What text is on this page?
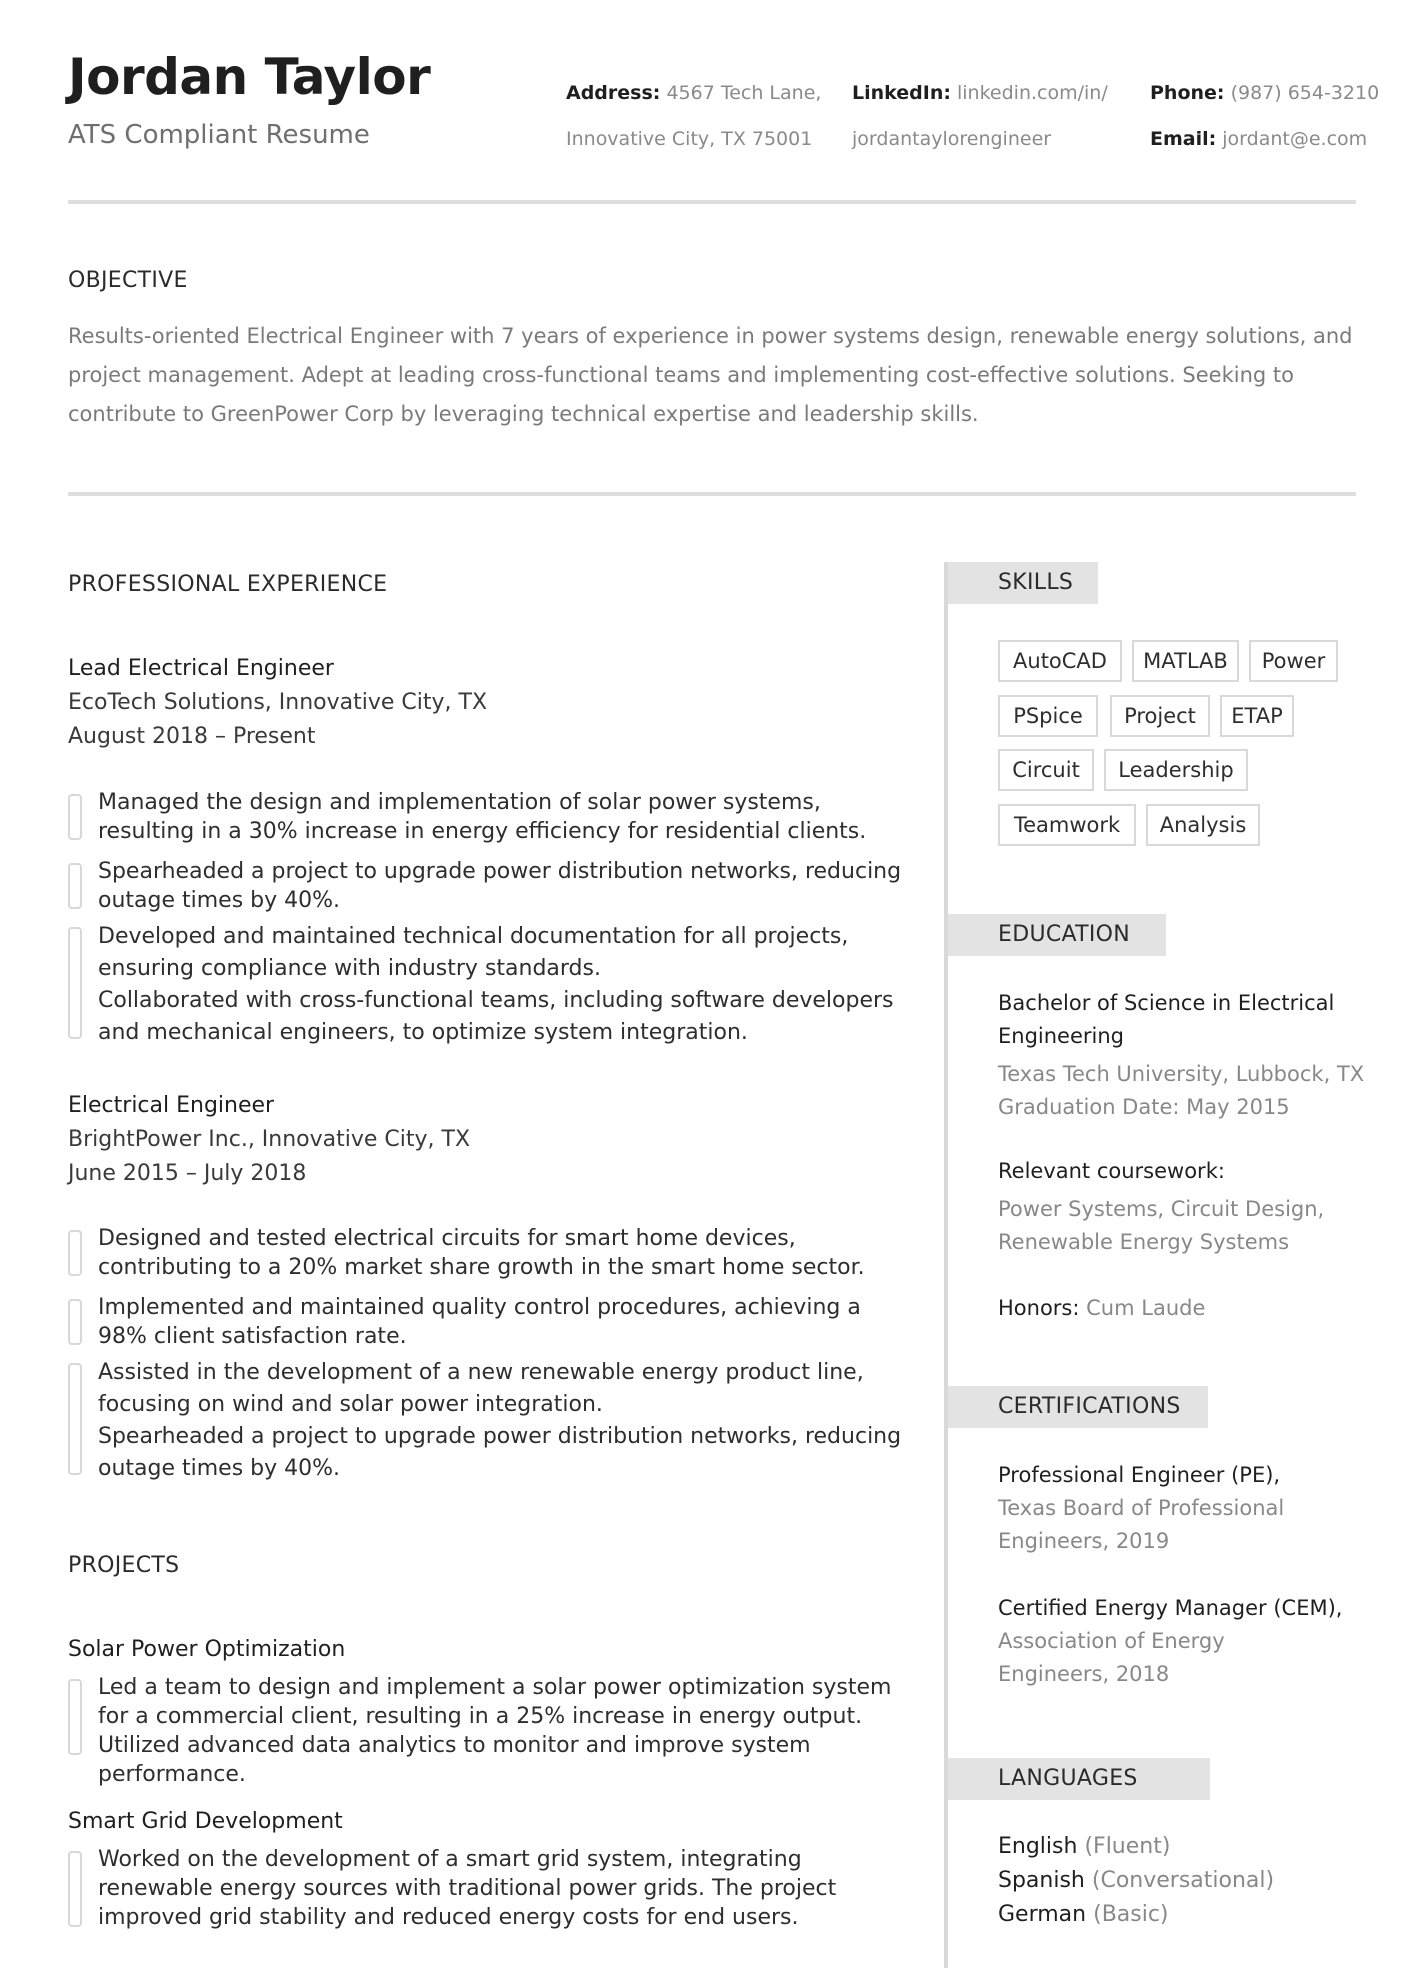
Jordan Taylor
ATS Compliant Resume
Address: 4567 Tech Lane,
Innovative City, TX 75001
LinkedIn: linkedin.com/in/
jordantaylorengineer
Phone: (987) 654-3210
Email: jordant@e.com
OBJECTIVE
Results-oriented Electrical Engineer with 7 years of experience in power systems design, renewable energy solutions, and project management. Adept at leading cross-functional teams and implementing cost-effective solutions. Seeking to contribute to GreenPower Corp by leveraging technical expertise and leadership skills.
PROFESSIONAL EXPERIENCE
Lead Electrical Engineer
EcoTech Solutions, Innovative City, TX
August 2018 – Present
Managed the design and implementation of solar power systems, resulting in a 30% increase in energy efficiency for residential clients.
Spearheaded a project to upgrade power distribution networks, reducing outage times by 40%.
Developed and maintained technical documentation for all projects, ensuring compliance with industry standards.
Collaborated with cross-functional teams, including software developers and mechanical engineers, to optimize system integration.
Electrical Engineer
BrightPower Inc., Innovative City, TX
June 2015 – July 2018
Designed and tested electrical circuits for smart home devices, contributing to a 20% market share growth in the smart home sector.
Implemented and maintained quality control procedures, achieving a 98% client satisfaction rate.
Assisted in the development of a new renewable energy product line, focusing on wind and solar power integration.
Spearheaded a project to upgrade power distribution networks, reducing outage times by 40%.
PROJECTS
Solar Power Optimization
Led a team to design and implement a solar power optimization system for a commercial client, resulting in a 25% increase in energy output. Utilized advanced data analytics to monitor and improve system performance.
Smart Grid Development
Worked on the development of a smart grid system, integrating renewable energy sources with traditional power grids. The project improved grid stability and reduced energy costs for end users.
SKILLS
AutoCAD	MATLAB	Power
PSpice	Project	ETAP
Circuit	Leadership
Teamwork	Analysis
EDUCATION
Bachelor of Science in Electrical
Engineering
Texas Tech University, Lubbock, TX
Graduation Date: May 2015
Relevant coursework:
Power Systems, Circuit Design,
Renewable Energy Systems
Honors: Cum Laude
CERTIFICATIONS
Professional Engineer (PE),
Texas Board of Professional
Engineers, 2019
Certified Energy Manager (CEM),
Association of Energy
Engineers, 2018
LANGUAGES
English (Fluent)
Spanish (Conversational)
German (Basic)
